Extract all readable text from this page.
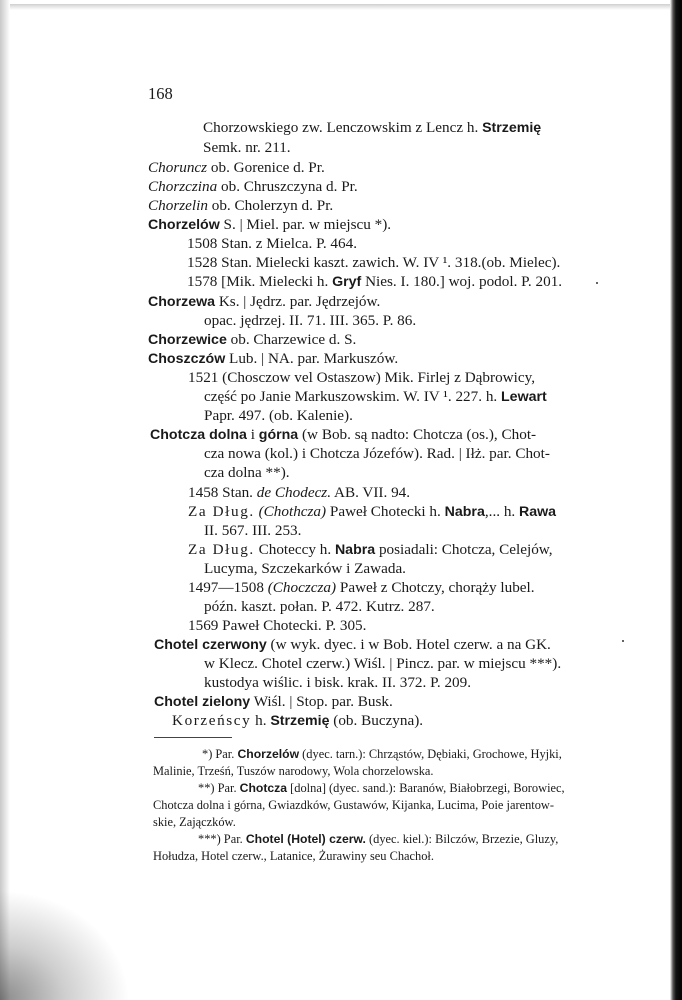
168
Chorzowskiego zw. Lenczowskim z Lencz h. Strzemię
Semk. nr. 211.
Choruncz ob. Gorenice d. Pr.
Chorzczina ob. Chruszczyna d. Pr.
Chorzelin ob. Cholerzyn d. Pr.
Chorzelów S. | Miel. par. w miejscu *).
1508 Stan. z Mielca. P. 464.
1528 Stan. Mielecki kaszt. zawich. W. IV ¹. 318.(ob. Mielec).
1578 [Mik. Mielecki h. Gryf Nies. I. 180.] woj. podol. P. 201.
Chorzewa Ks. | Jędrz. par. Jędrzejów.
opac. jędrzej. II. 71. III. 365. P. 86.
Chorzewice ob. Charzewice d. S.
Choszczów Lub. | NA. par. Markuszów.
1521 (Chosczow vel Ostaszow) Mik. Firlej z Dąbrowicy,
część po Janie Markuszowskim. W. IV ¹. 227. h. Lewart
Papr. 497. (ob. Kalenie).
Chotcza dolna i górna (w Bob. są nadto: Chotcza (os.), Chot-
cza nowa (kol.) i Chotcza Józefów). Rad. | Iłż. par. Chot-
cza dolna **).
1458 Stan. de Chodecz. AB. VII. 94.
Za Dług. (Chothcza) Paweł Chotecki h. Nabra,... h. Rawa
II. 567. III. 253.
Za Dług. Choteccy h. Nabra posiadali: Chotcza, Celejów,
Lucyma, Szczekarków i Zawada.
1497—1508 (Choczcza) Paweł z Chotczy, chorąży lubel.
późn. kaszt. połan. P. 472. Kutrz. 287.
1569 Paweł Chotecki. P. 305.
Chotel czerwony (w wyk. dyec. i w Bob. Hotel czerw. a na GK.
w Klecz. Chotel czerw.) Wiśl. | Pincz. par. w miejscu ***).
kustodya wiślic. i bisk. krak. II. 372. P. 209.
Chotel zielony Wiśl. | Stop. par. Busk.
Korzeńscy h. Strzemię (ob. Buczyna).
*) Par. Chorzelów (dyec. tarn.): Chrząstów, Dębiaki, Grochowe, Hyjki,
Malinie, Trześń, Tuszów narodowy, Wola chorzelowska.
**) Par. Chotcza [dolna] (dyec. sand.): Baranów, Białobrzegi, Borowiec,
Chotcza dolna i górna, Gwiazdków, Gustawów, Kijanka, Lucima, Poie jarentow-
skie, Zajączków.
***) Par. Chotel (Hotel) czerw. (dyec. kiel.): Bilczów, Brzezie, Gluzy,
Hołudza, Hotel czerw., Latanice, Żurawiny seu Chachoł.
